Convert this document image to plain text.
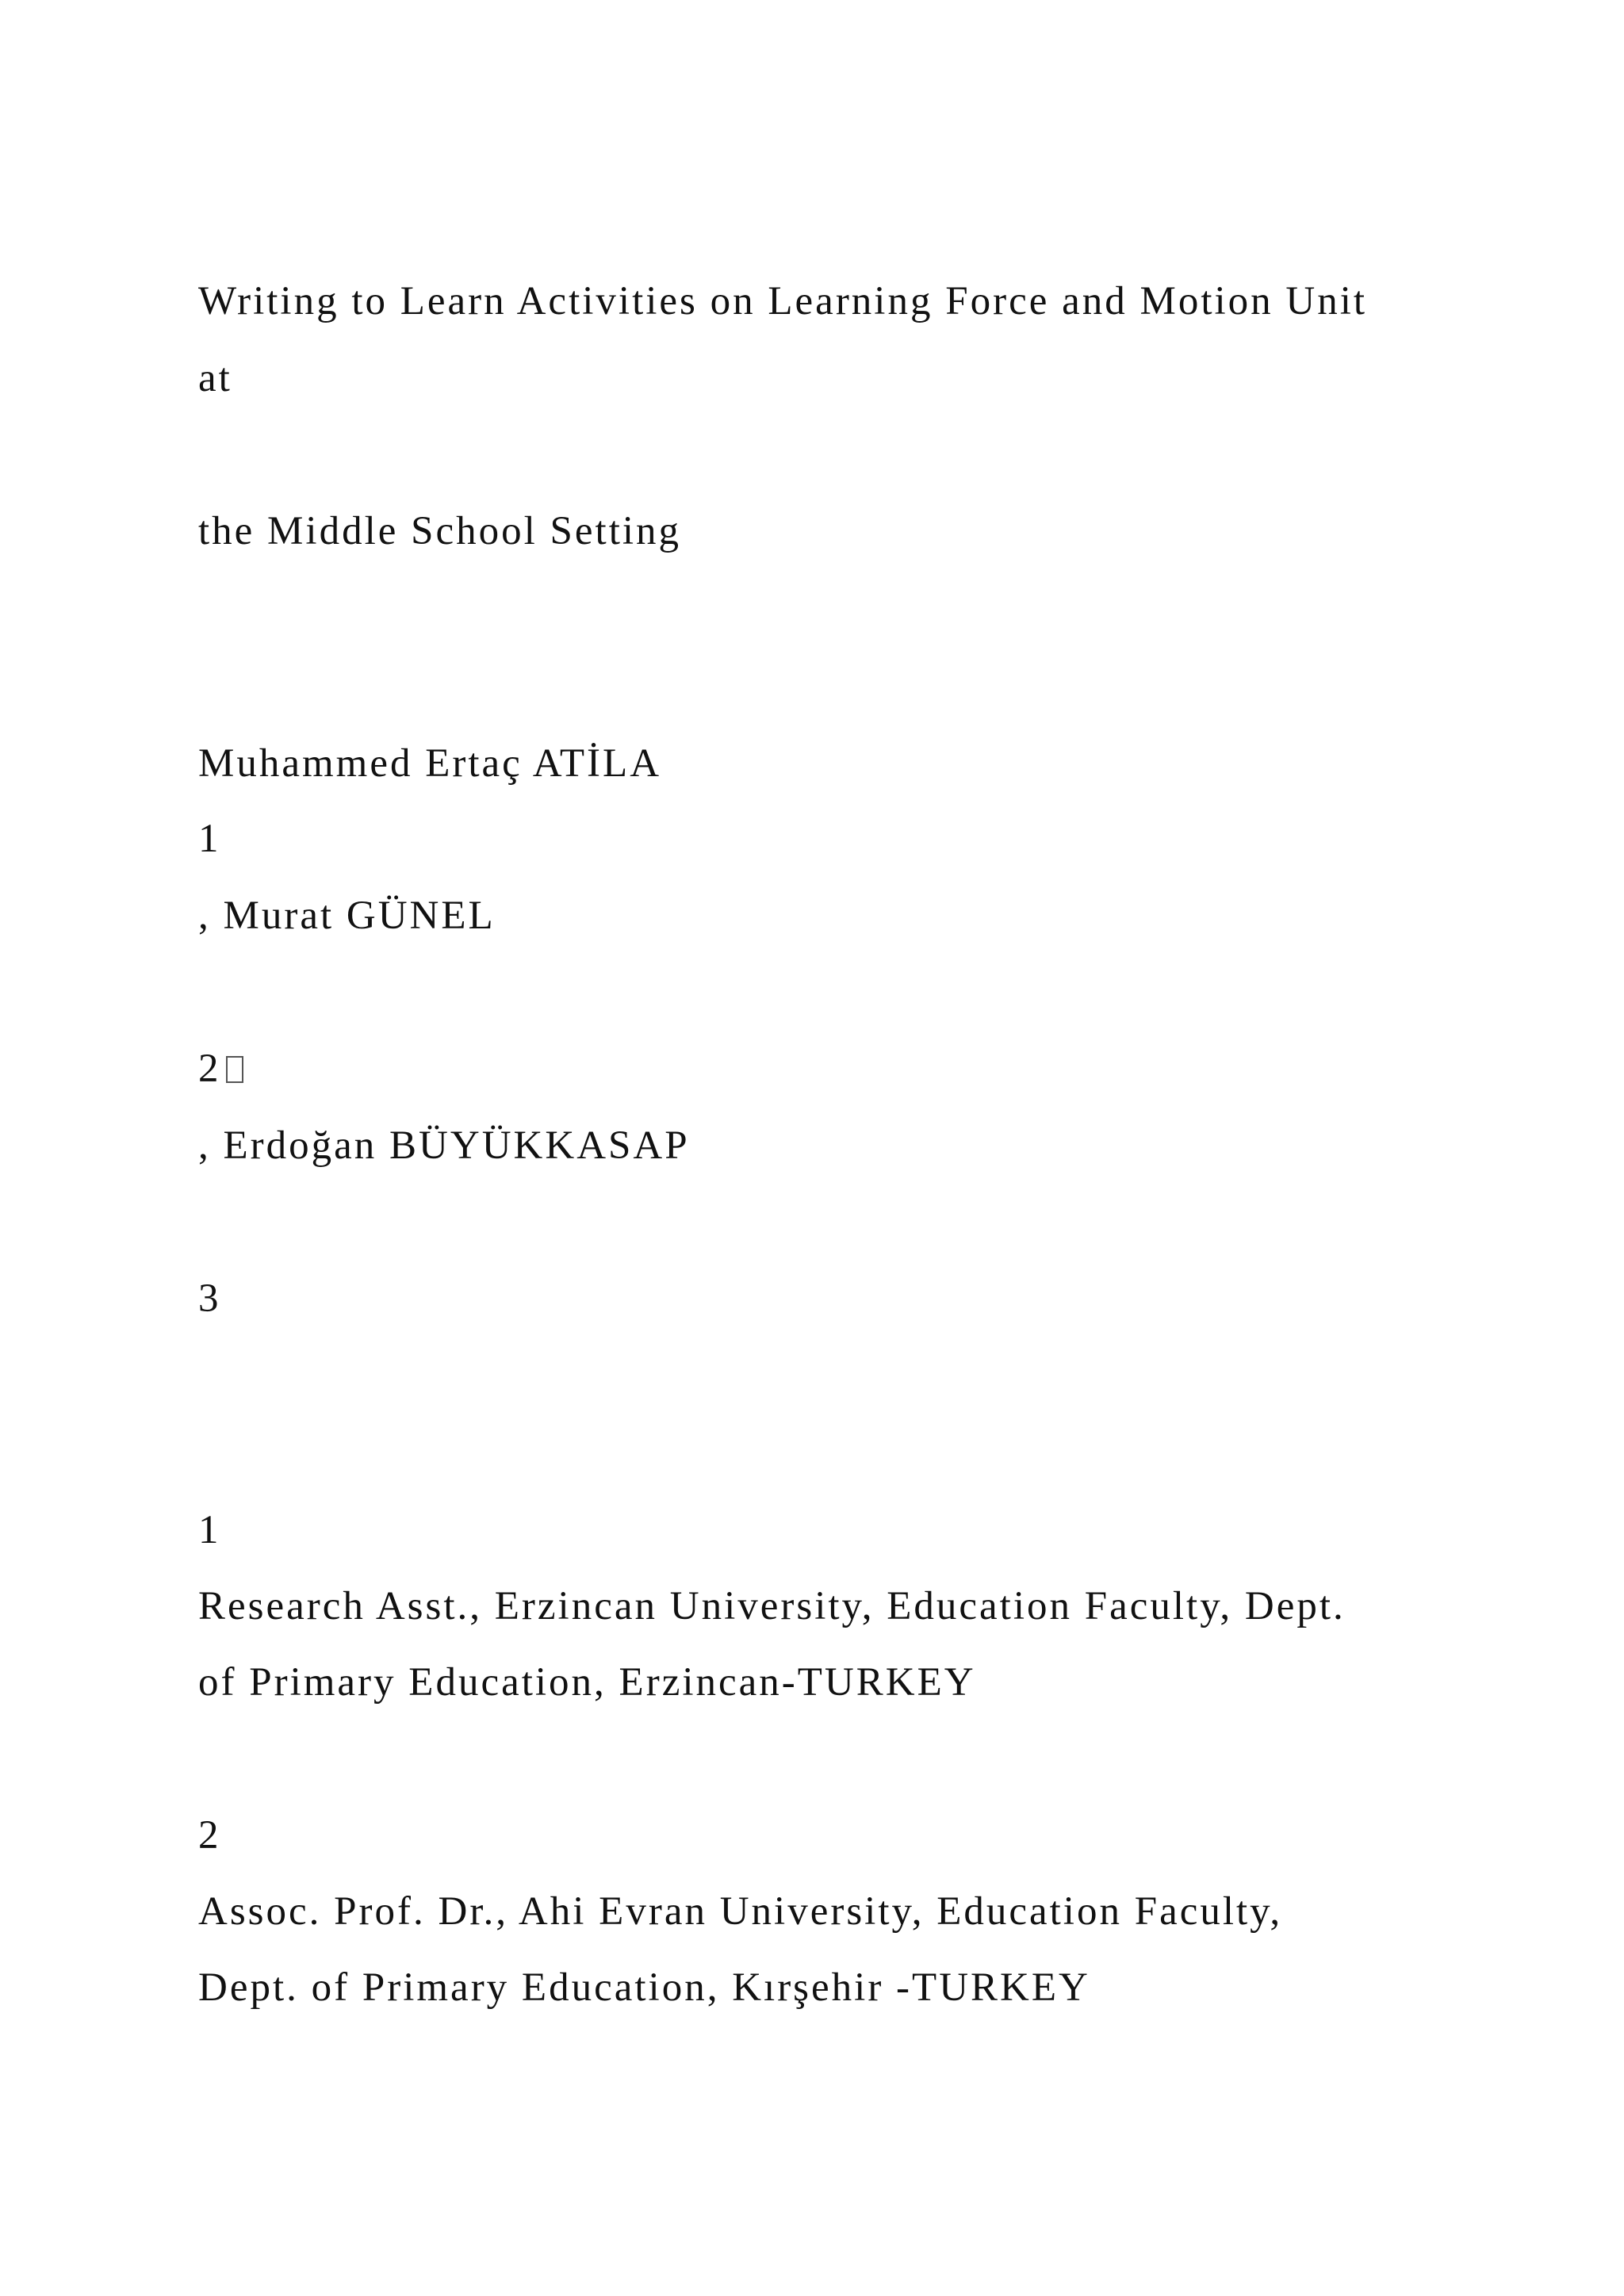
Writing to Learn Activities on Learning Force and Motion Unit
at
the Middle School Setting
Muhammed Ertaç ATİLA
1
, Murat GÜNEL
2
, Erdoğan BÜYÜKKASAP
3
1
Research Asst., Erzincan University, Education Faculty, Dept.
of Primary Education, Erzincan-TURKEY
2
Assoc. Prof. Dr., Ahi Evran University, Education Faculty,
Dept. of Primary Education, Kırşehir -TURKEY
